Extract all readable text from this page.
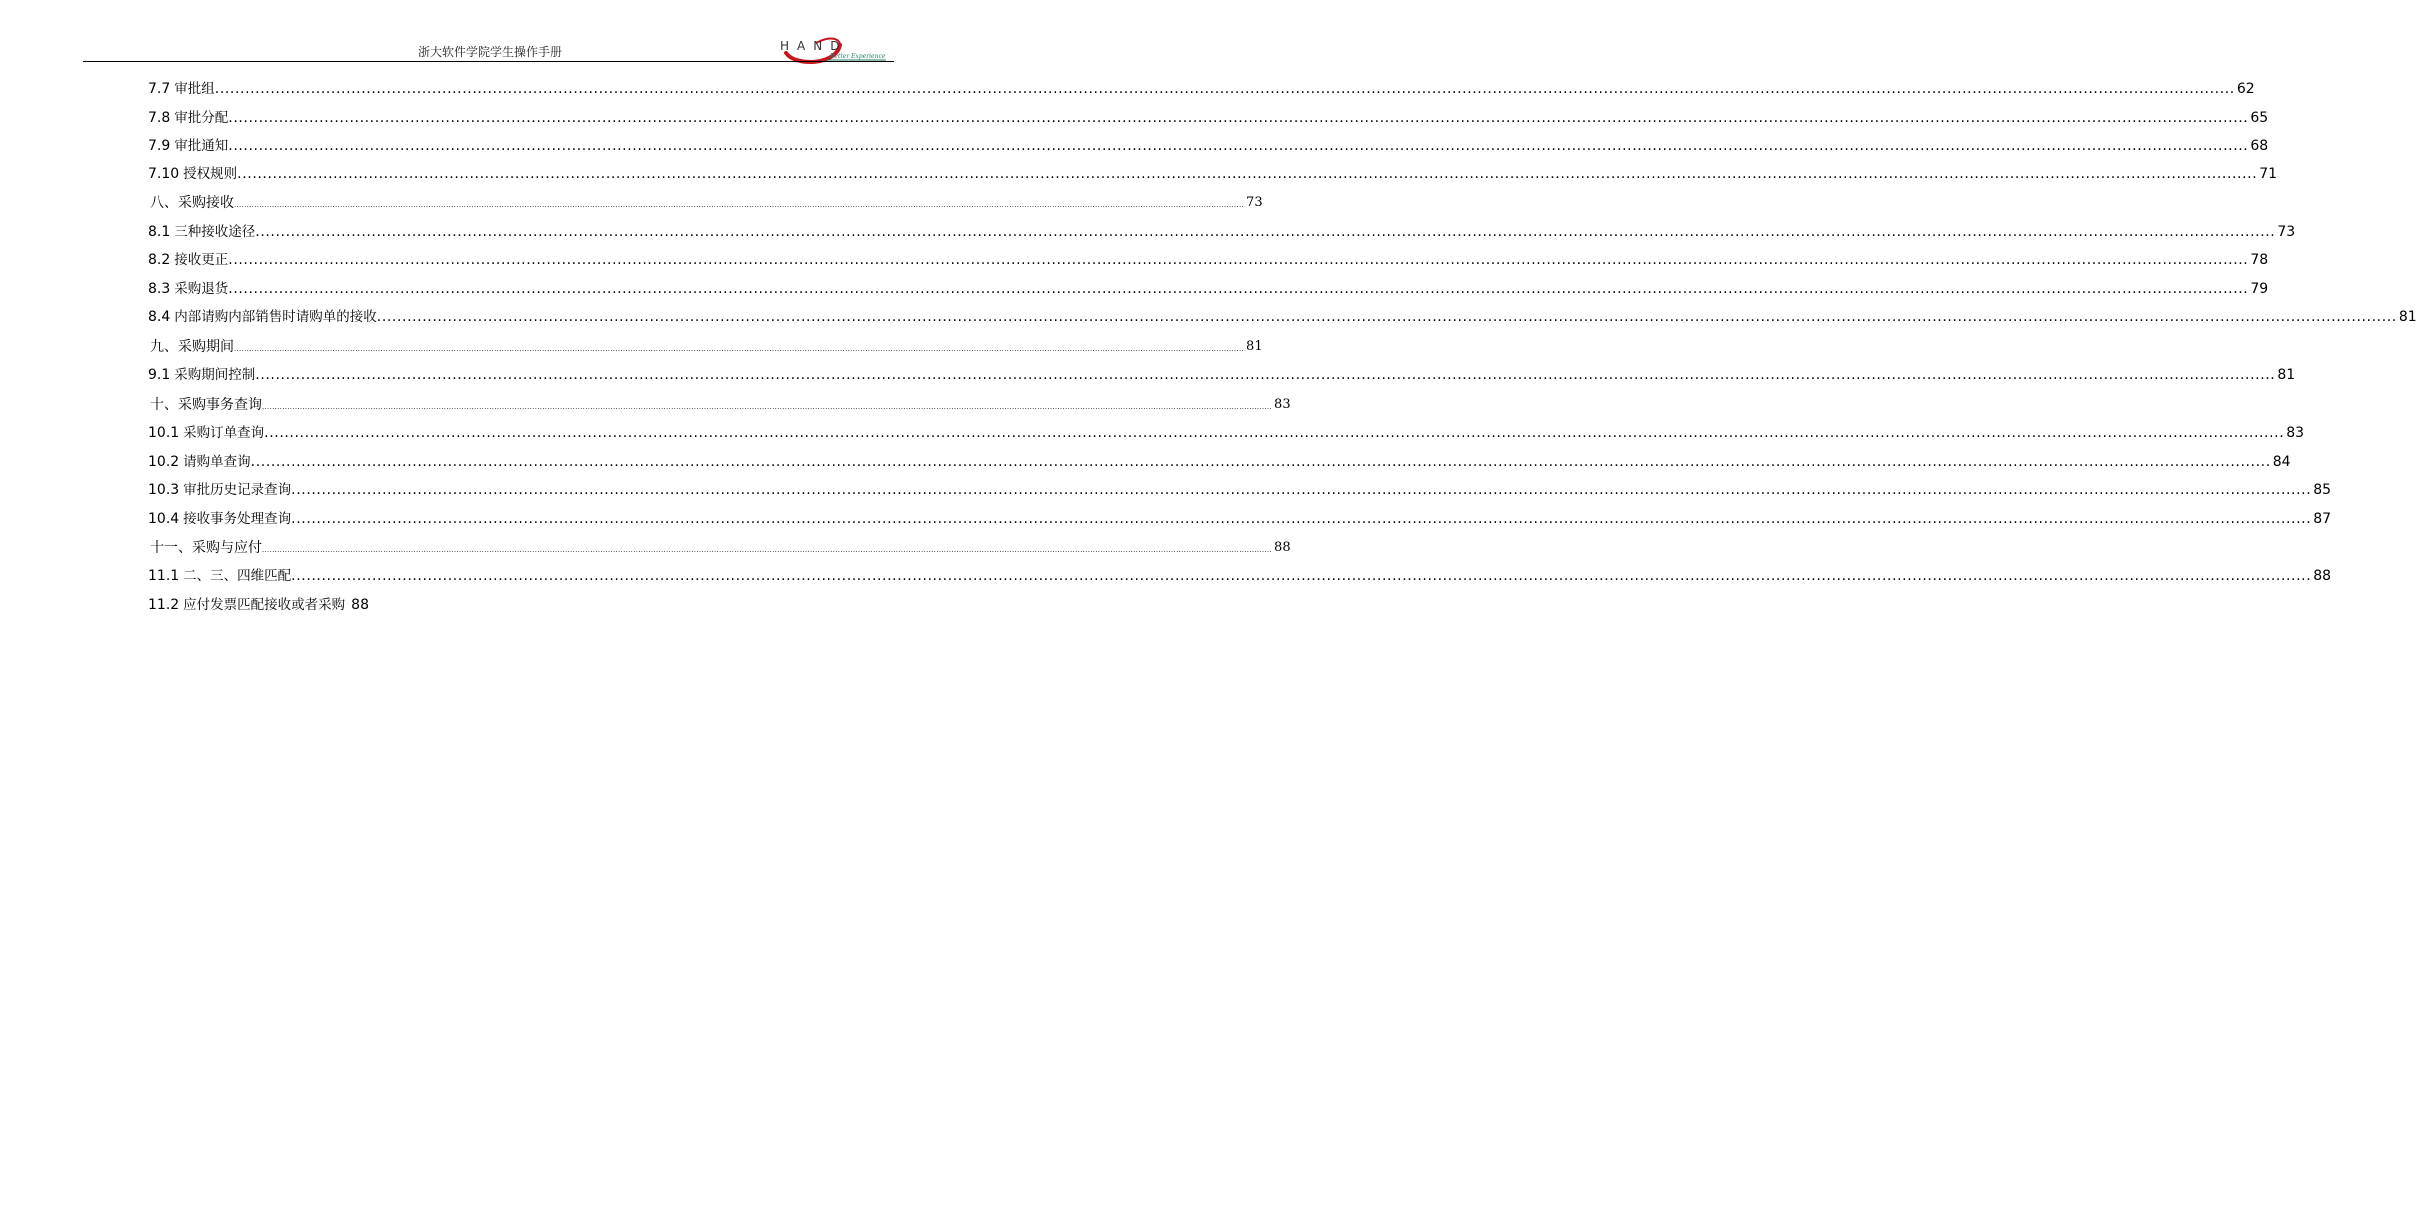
浙大软件学院学生操作手册	HAND
Better Experience
7.7 审批组 ................................................................................................................................................................................................................................................................................................................................................................................................................ 62
7.8 审批分配 ................................................................................................................................................................................................................................................................................................................................................................................................................ 65
7.9 审批通知 ................................................................................................................................................................................................................................................................................................................................................................................................................ 68
7.10 授权规则 ................................................................................................................................................................................................................................................................................................................................................................................................................ 71
八、采购接收 ................................................................................................................................................................................................................................................................................................................................................................................................................ 73
8.1 三种接收途径 ................................................................................................................................................................................................................................................................................................................................................................................................................ 73
8.2 接收更正 ................................................................................................................................................................................................................................................................................................................................................................................................................ 78
8.3 采购退货 ................................................................................................................................................................................................................................................................................................................................................................................................................ 79
8.4 内部请购内部销售时请购单的接收 ................................................................................................................................................................................................................................................................................................................................................................................................................ 81
九、采购期间 ................................................................................................................................................................................................................................................................................................................................................................................................................ 81
9.1 采购期间控制 ................................................................................................................................................................................................................................................................................................................................................................................................................ 81
十、采购事务查询 ................................................................................................................................................................................................................................................................................................................................................................................................................ 83
10.1 采购订单查询 ................................................................................................................................................................................................................................................................................................................................................................................................................ 83
10.2 请购单查询 ................................................................................................................................................................................................................................................................................................................................................................................................................ 84
10.3 审批历史记录查询 ................................................................................................................................................................................................................................................................................................................................................................................................................ 85
10.4 接收事务处理查询 ................................................................................................................................................................................................................................................................................................................................................................................................................ 87
十一、采购与应付 ................................................................................................................................................................................................................................................................................................................................................................................................................ 88
11.1 二、三、四维匹配 ................................................................................................................................................................................................................................................................................................................................................................................................................ 88
11.2 应付发票匹配接收或者采购 88
